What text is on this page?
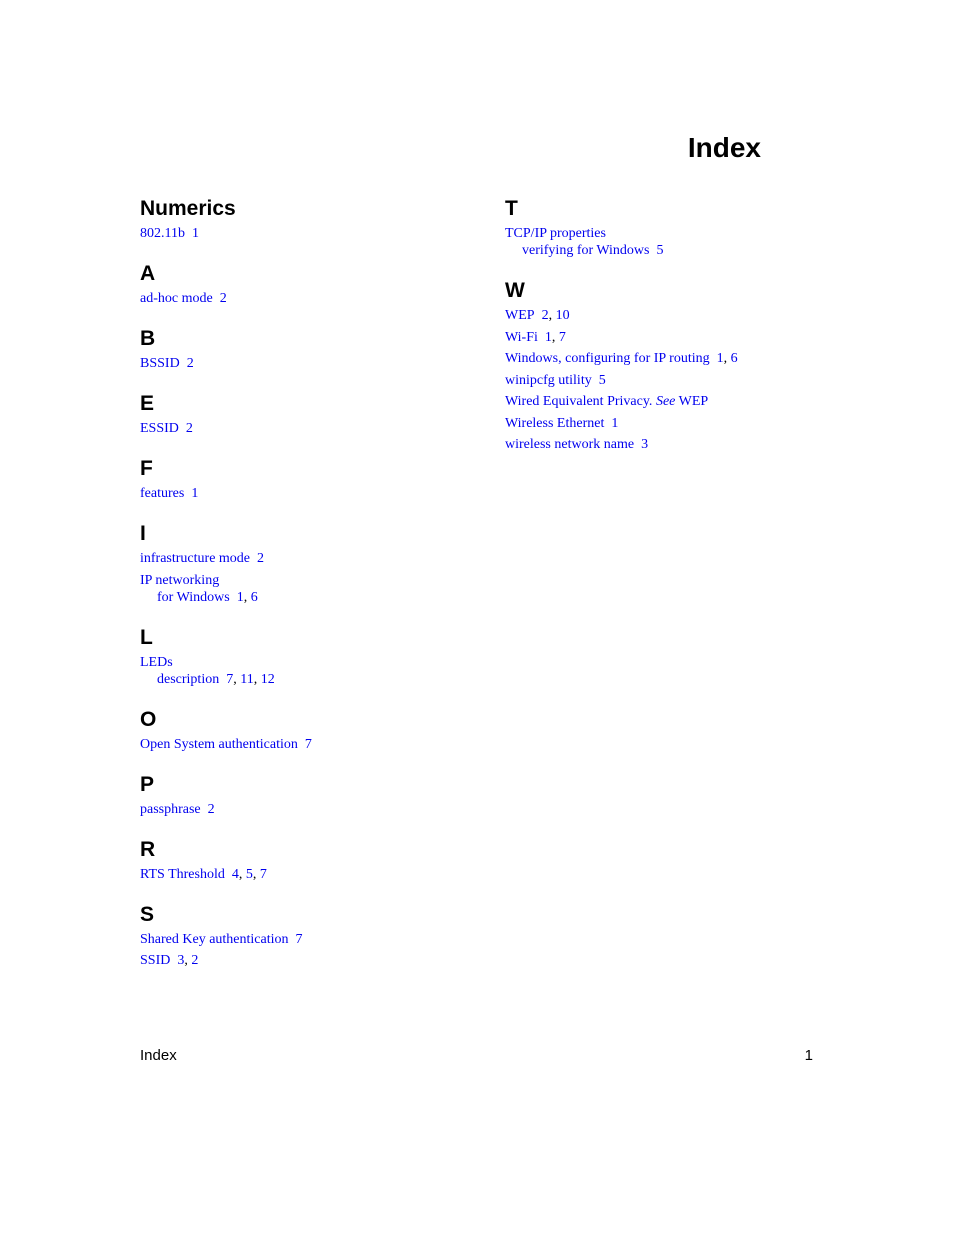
Index
Numerics
802.11b 1
A
ad-hoc mode 2
B
BSSID 2
E
ESSID 2
F
features 1
I
infrastructure mode 2
IP networking
for Windows 1, 6
L
LEDs
description 7, 11, 12
O
Open System authentication 7
P
passphrase 2
R
RTS Threshold 4, 5, 7
S
Shared Key authentication 7
SSID 3, 2
T
TCP/IP properties
verifying for Windows 5
W
WEP 2, 10
Wi-Fi 1, 7
Windows, configuring for IP routing 1, 6
winipcfg utility 5
Wired Equivalent Privacy. See WEP
Wireless Ethernet 1
wireless network name 3
Index	1
